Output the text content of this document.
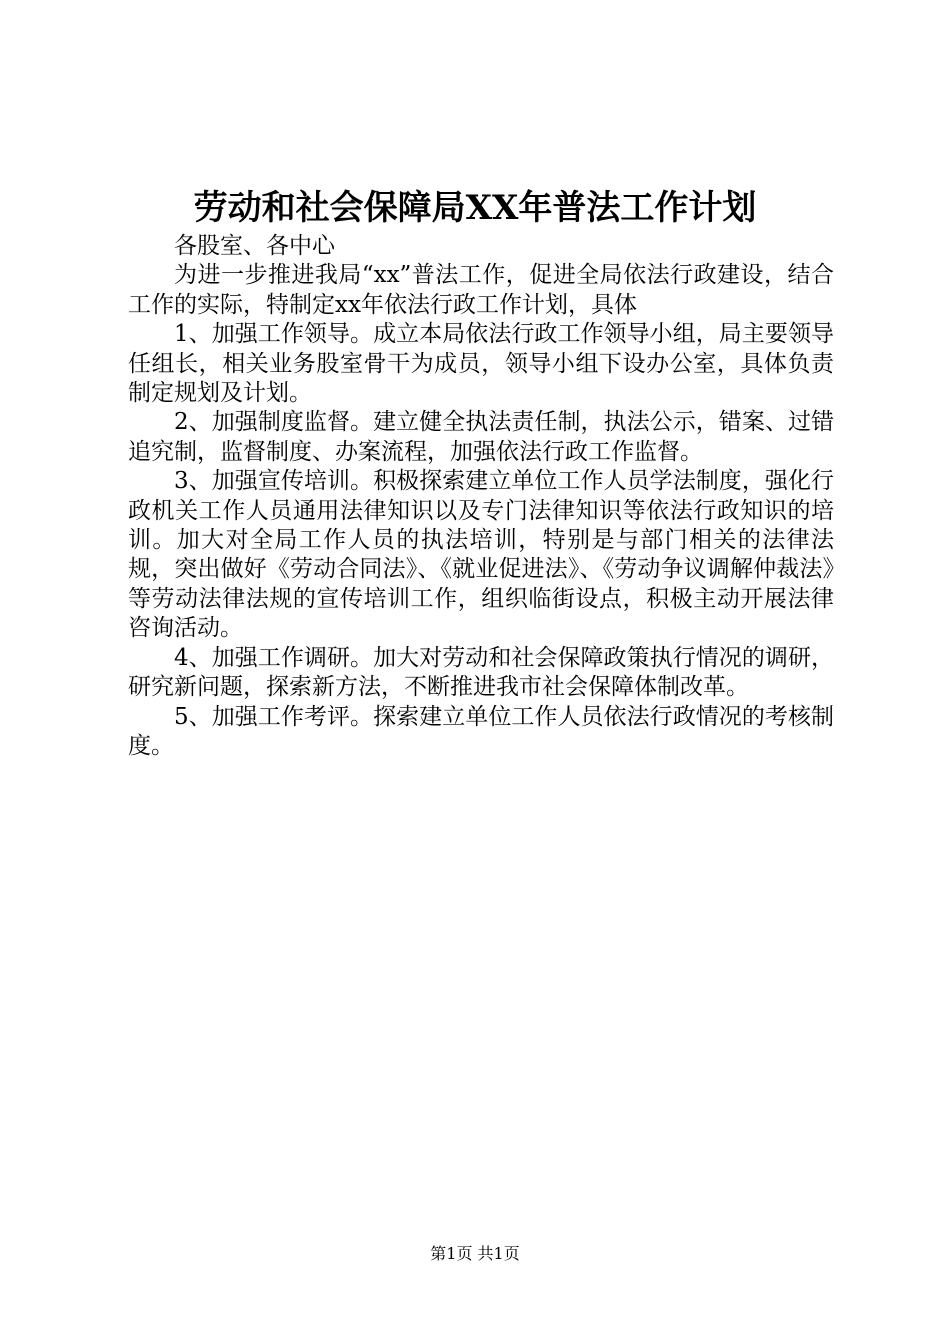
劳动和社会保障局XX年普法工作计划

各股室、各中心

为进一步推进我局“xx”普法工作，促进全局依法行政建设，结合工作的实际，特制定xx年依法行政工作计划，具体

1、加强工作领导。成立本局依法行政工作领导小组，局主要领导任组长，相关业务股室骨干为成员，领导小组下设办公室，具体负责制定规划及计划。

2、加强制度监督。建立健全执法责任制，执法公示，错案、过错追究制，监督制度、办案流程，加强依法行政工作监督。

3、加强宣传培训。积极探索建立单位工作人员学法制度，强化行政机关工作人员通用法律知识以及专门法律知识等依法行政知识的培训。加大对全局工作人员的执法培训，特别是与部门相关的法律法规，突出做好《劳动合同法》、《就业促进法》、《劳动争议调解仲裁法》等劳动法律法规的宣传培训工作，组织临街设点，积极主动开展法律咨询活动。

4、加强工作调研。加大对劳动和社会保障政策执行情况的调研，研究新问题，探索新方法，不断推进我市社会保障体制改革。

5、加强工作考评。探索建立单位工作人员依法行政情况的考核制度。

第1页 共1页
